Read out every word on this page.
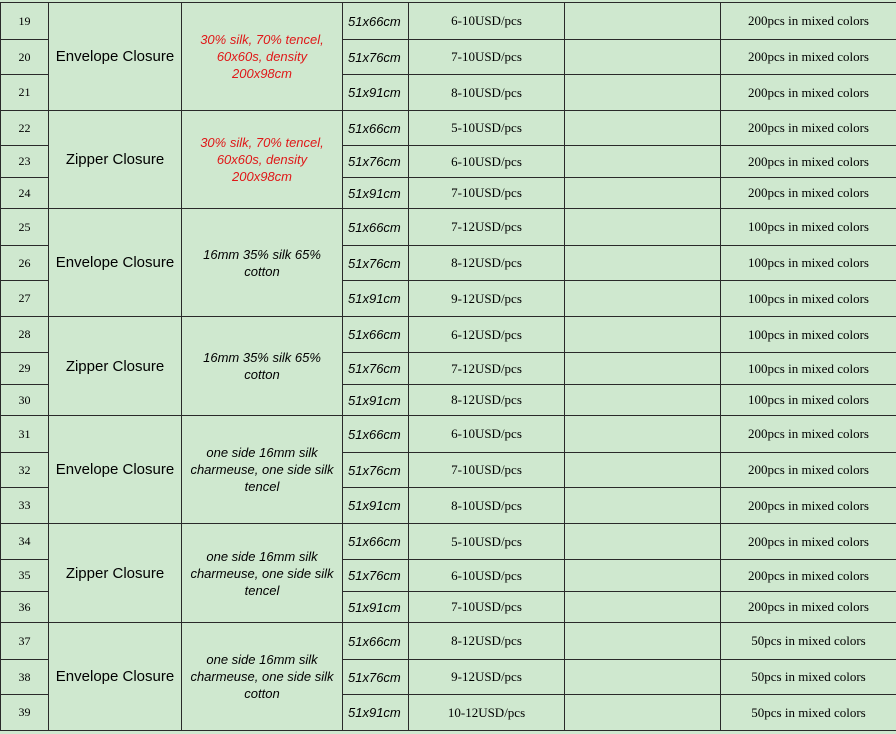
19	Envelope Closure	30% silk, 70% tencel, 60x60s, density 200x98cm	51x66cm	6-10USD/pcs		200pcs in mixed colors
20			51x76cm	7-10USD/pcs		200pcs in mixed colors
21			51x91cm	8-10USD/pcs		200pcs in mixed colors
22	Zipper Closure	30% silk, 70% tencel, 60x60s, density 200x98cm	51x66cm	5-10USD/pcs		200pcs in mixed colors
23			51x76cm	6-10USD/pcs		200pcs in mixed colors
24			51x91cm	7-10USD/pcs		200pcs in mixed colors
25	Envelope Closure	16mm 35% silk 65% cotton	51x66cm	7-12USD/pcs		100pcs in mixed colors
26			51x76cm	8-12USD/pcs		100pcs in mixed colors
27			51x91cm	9-12USD/pcs		100pcs in mixed colors
28	Zipper Closure	16mm 35% silk 65% cotton	51x66cm	6-12USD/pcs		100pcs in mixed colors
29			51x76cm	7-12USD/pcs		100pcs in mixed colors
30			51x91cm	8-12USD/pcs		100pcs in mixed colors
31	Envelope Closure	one side 16mm silk charmeuse, one side silk tencel	51x66cm	6-10USD/pcs		200pcs in mixed colors
32			51x76cm	7-10USD/pcs		200pcs in mixed colors
33			51x91cm	8-10USD/pcs		200pcs in mixed colors
34	Zipper Closure	one side 16mm silk charmeuse, one side silk tencel	51x66cm	5-10USD/pcs		200pcs in mixed colors
35			51x76cm	6-10USD/pcs		200pcs in mixed colors
36			51x91cm	7-10USD/pcs		200pcs in mixed colors
37	Envelope Closure	one side 16mm silk charmeuse, one side silk cotton	51x66cm	8-12USD/pcs		50pcs in mixed colors
38			51x76cm	9-12USD/pcs		50pcs in mixed colors
39			51x91cm	10-12USD/pcs		50pcs in mixed colors
